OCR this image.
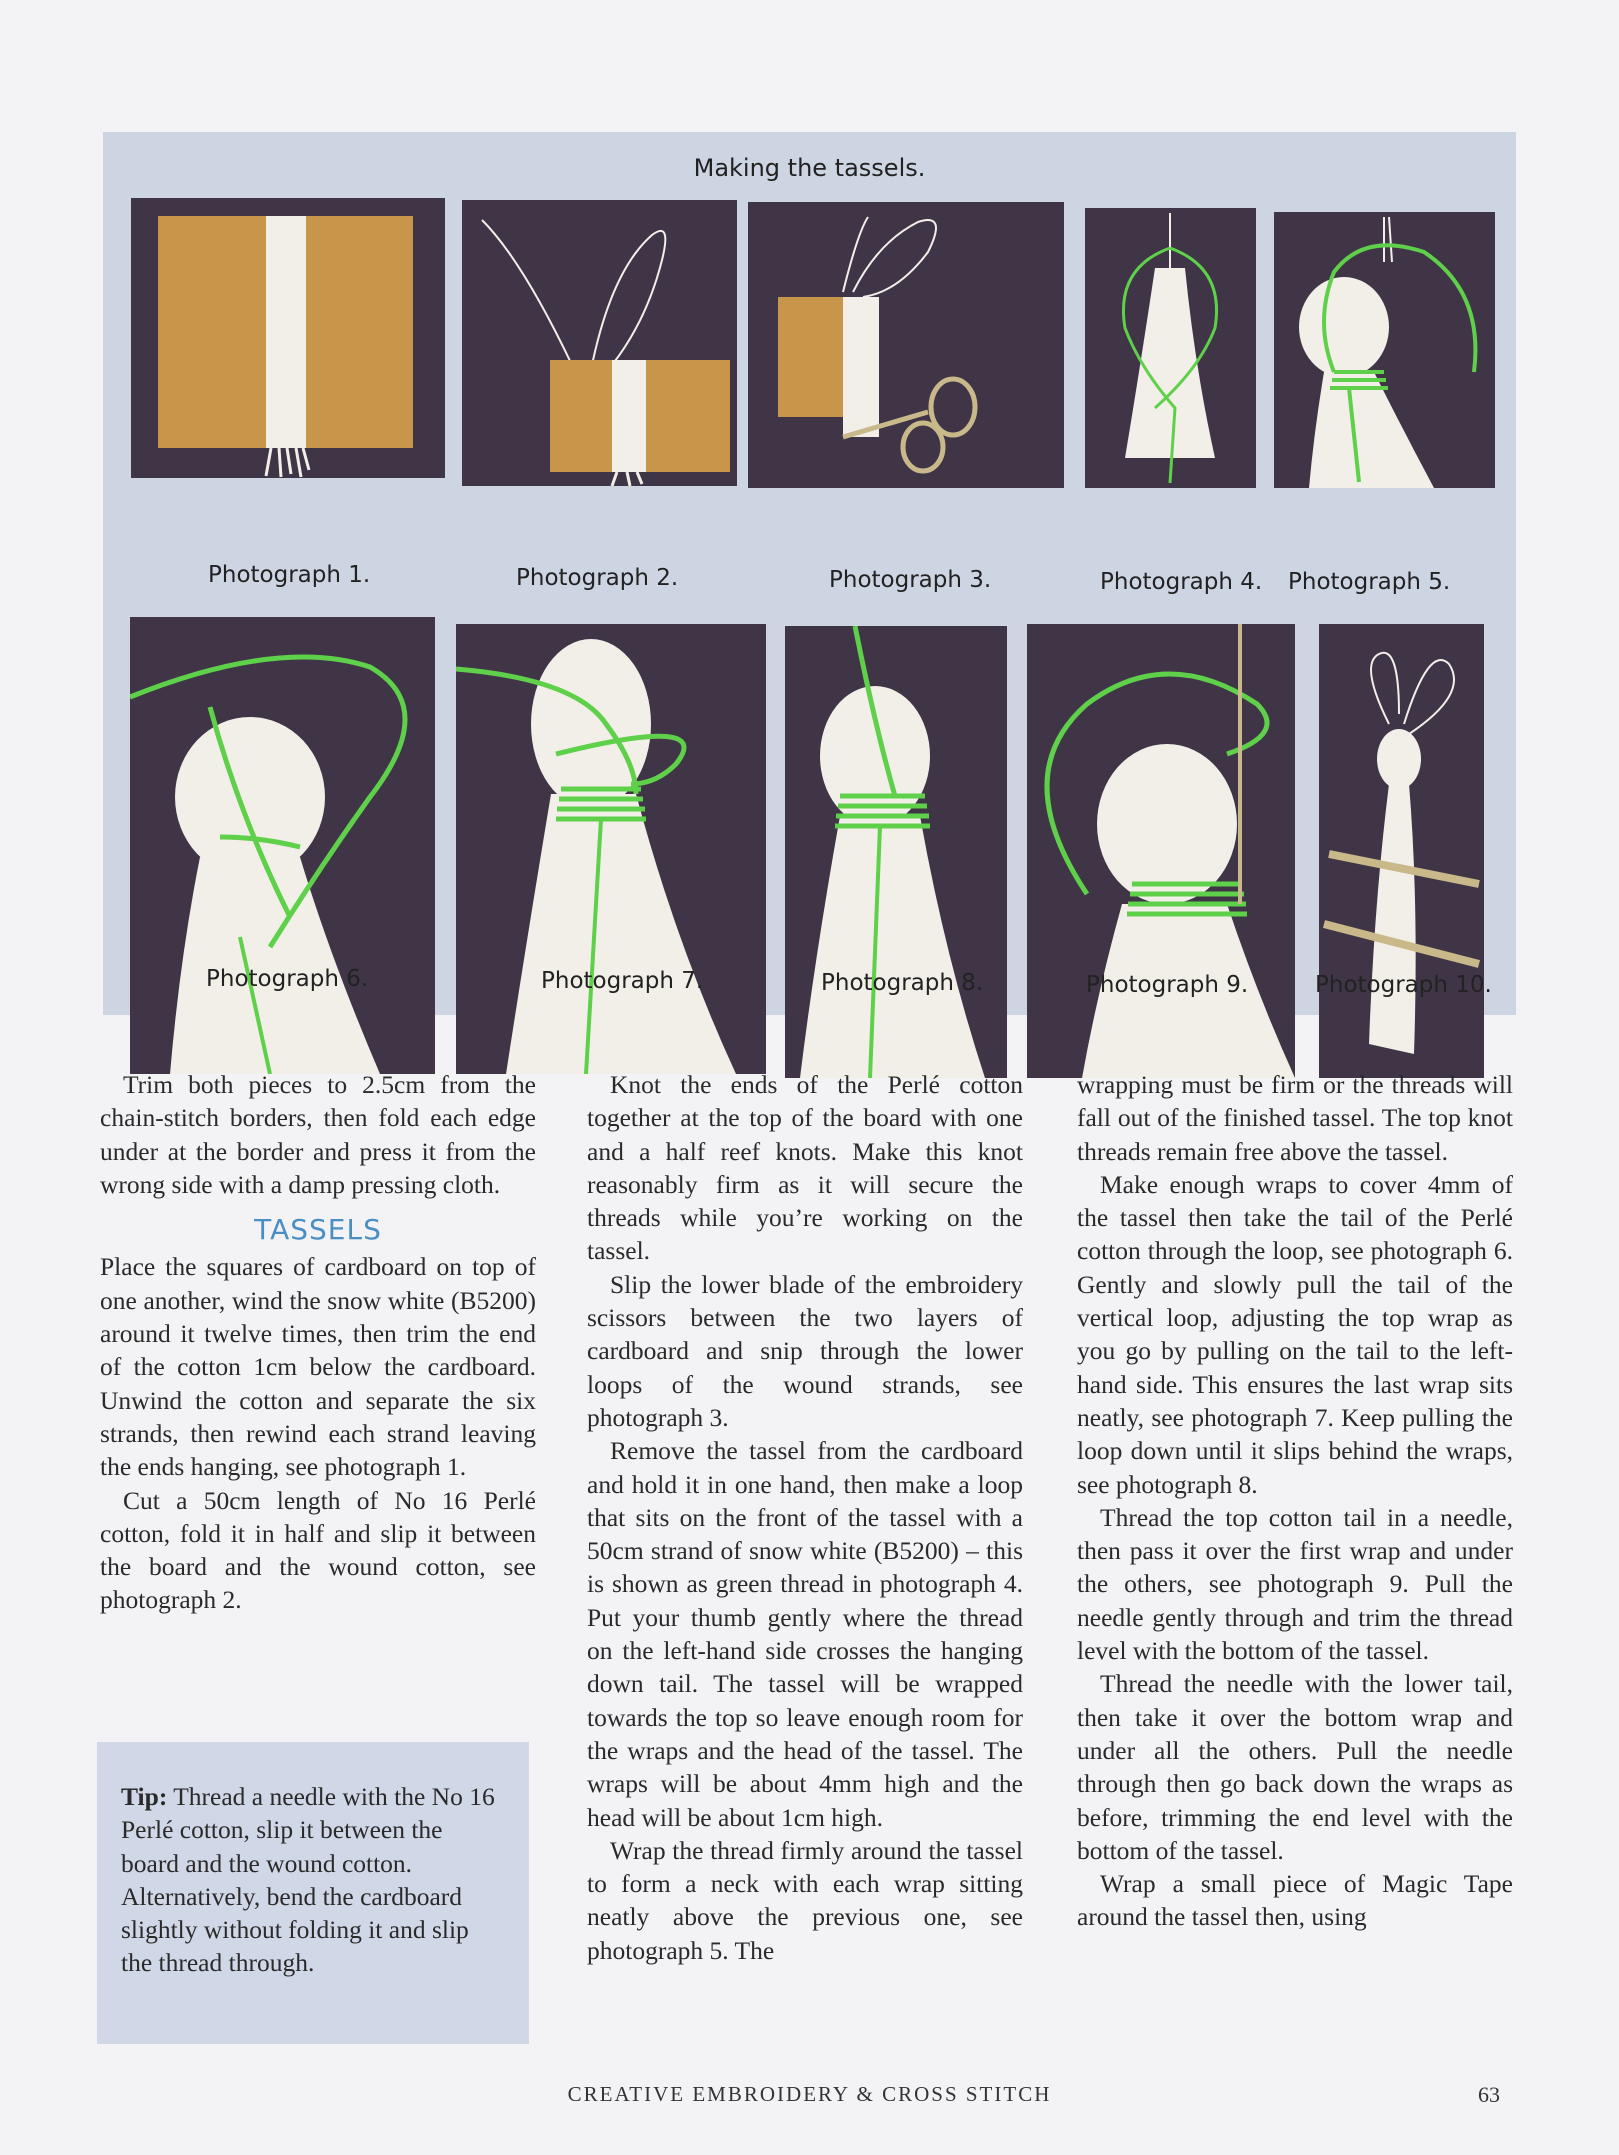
Making the tassels.
Photograph 1.	Photograph 2.	Photograph 3.	Photograph 4. Photograph 5.
Photograph 6.	Photograph 7.	Photograph 8.	Photograph 9.	Photograph 10.

Trim both pieces to 2.5cm from the chain-stitch borders, then fold each edge under at the border and press it from the wrong side with a damp pressing cloth.

TASSELS

Place the squares of cardboard on top of one another, wind the snow white (B5200) around it twelve times, then trim the end of the cotton 1cm below the cardboard. Unwind the cotton and separate the six strands, then rewind each strand leaving the ends hanging, see photograph 1.

Cut a 50cm length of No 16 Perlé cotton, fold it in half and slip it between the board and the wound cotton, see photograph 2.

Tip: Thread a needle with the No 16 Perlé cotton, slip it between the board and the wound cotton. Alternatively, bend the cardboard slightly without folding it and slip the thread through.

Knot the ends of the Perlé cotton together at the top of the board with one and a half reef knots. Make this knot reasonably firm as it will secure the threads while you’re working on the tassel.

Slip the lower blade of the embroidery scissors between the two layers of cardboard and snip through the lower loops of the wound strands, see photograph 3.

Remove the tassel from the cardboard and hold it in one hand, then make a loop that sits on the front of the tassel with a 50cm strand of snow white (B5200) – this is shown as green thread in photograph 4. Put your thumb gently where the thread on the left-hand side crosses the hanging down tail. The tassel will be wrapped towards the top so leave enough room for the wraps and the head of the tassel. The wraps will be about 4mm high and the head will be about 1cm high.

Wrap the thread firmly around the tassel to form a neck with each wrap sitting neatly above the previous one, see photograph 5. The

wrapping must be firm or the threads will fall out of the finished tassel. The top knot threads remain free above the tassel.

Make enough wraps to cover 4mm of the tassel then take the tail of the Perlé cotton through the loop, see photograph 6. Gently and slowly pull the tail of the vertical loop, adjusting the top wrap as you go by pulling on the tail to the left-hand side. This ensures the last wrap sits neatly, see photograph 7. Keep pulling the loop down until it slips behind the wraps, see photograph 8.

Thread the top cotton tail in a needle, then pass it over the first wrap and under the others, see photograph 9. Pull the needle gently through and trim the thread level with the bottom of the tassel.

Thread the needle with the lower tail, then take it over the bottom wrap and under all the others. Pull the needle through then go back down the wraps as before, trimming the end level with the bottom of the tassel.

Wrap a small piece of Magic Tape around the tassel then, using

CREATIVE EMBROIDERY & CROSS STITCH	63
